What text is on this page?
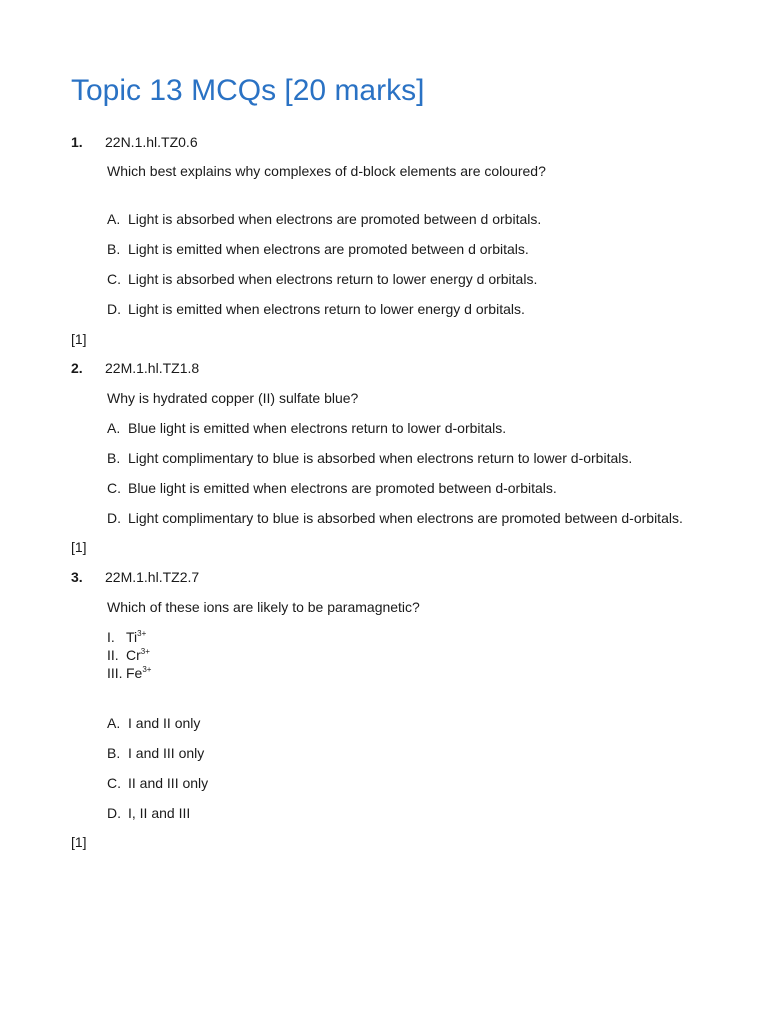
Topic 13 MCQs [20 marks]
1. 22N.1.hl.TZ0.6
Which best explains why complexes of d-block elements are coloured?
A. Light is absorbed when electrons are promoted between d orbitals.
B. Light is emitted when electrons are promoted between d orbitals.
C. Light is absorbed when electrons return to lower energy d orbitals.
D. Light is emitted when electrons return to lower energy d orbitals.
[1]
2. 22M.1.hl.TZ1.8
Why is hydrated copper (II) sulfate blue?
A. Blue light is emitted when electrons return to lower d-orbitals.
B. Light complimentary to blue is absorbed when electrons return to lower d-orbitals.
C. Blue light is emitted when electrons are promoted between d-orbitals.
D. Light complimentary to blue is absorbed when electrons are promoted between d-orbitals.
[1]
3. 22M.1.hl.TZ2.7
Which of these ions are likely to be paramagnetic?
I. $Ti^{3+}$
II. $Cr^{3+}$
III. $Fe^{3+}$
A. I and II only
B. I and III only
C. II and III only
D. I, II and III
[1]
